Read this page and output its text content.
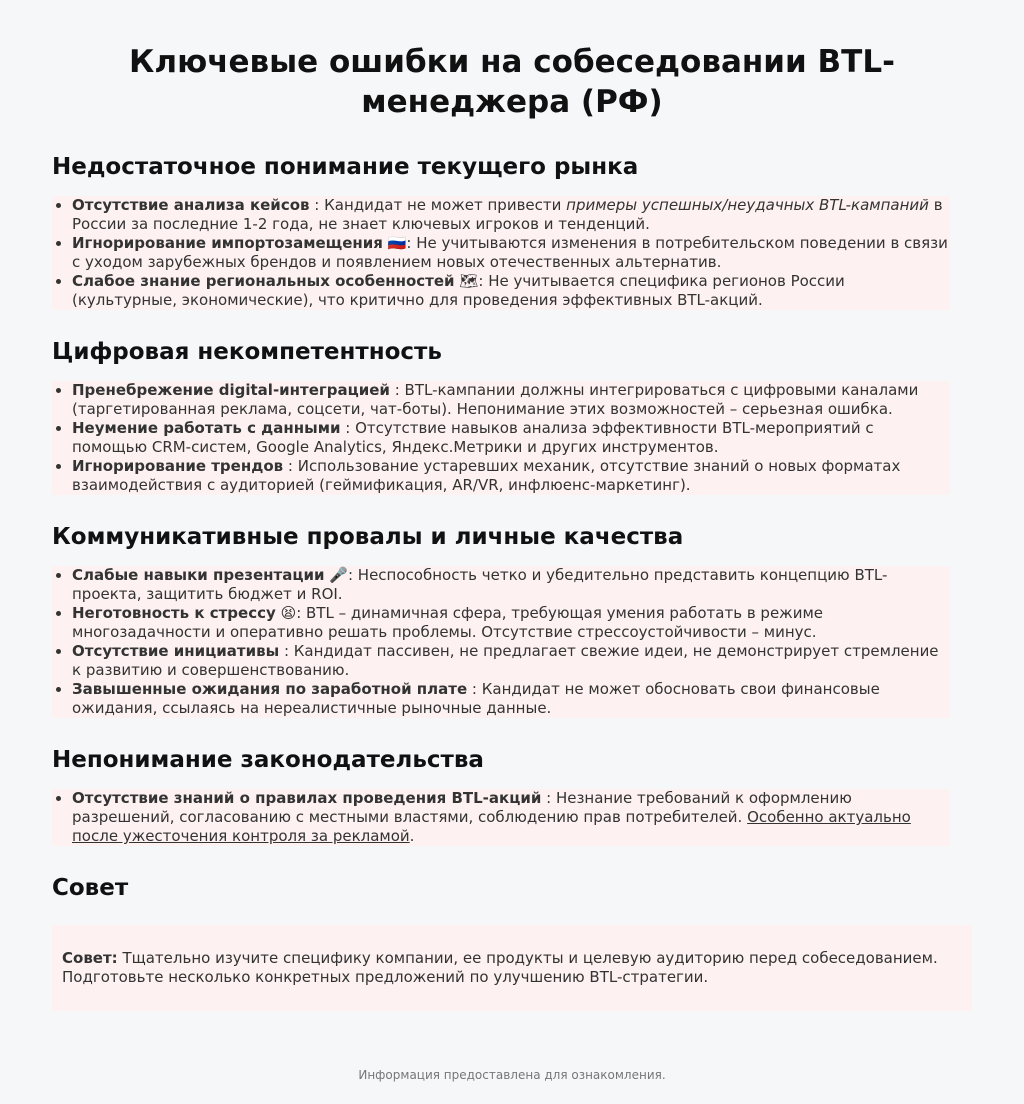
Ключевые ошибки на собеседовании BTL-менеджера (РФ)
Недостаточное понимание текущего рынка
• Отсутствие анализа кейсов : Кандидат не может привести примеры успешных/неудачных BTL-кампаний в России за последние 1-2 года, не знает ключевых игроков и тенденций.
• Игнорирование импортозамещения 🇷🇺: Не учитываются изменения в потребительском поведении в связи с уходом зарубежных брендов и появлением новых отечественных альтернатив.
• Слабое знание региональных особенностей 🗺: Не учитывается специфика регионов России (культурные, экономические), что критично для проведения эффективных BTL-акций.
Цифровая некомпетентность
• Пренебрежение digital-интеграцией : BTL-кампании должны интегрироваться с цифровыми каналами (таргетированная реклама, соцсети, чат-боты). Непонимание этих возможностей – серьезная ошибка.
• Неумение работать с данными : Отсутствие навыков анализа эффективности BTL-мероприятий с помощью CRM-систем, Google Analytics, Яндекс.Метрики и других инструментов.
• Игнорирование трендов : Использование устаревших механик, отсутствие знаний о новых форматах взаимодействия с аудиторией (геймификация, AR/VR, инфлюенс-маркетинг).
Коммуникативные провалы и личные качества
• Слабые навыки презентации 🎤: Неспособность четко и убедительно представить концепцию BTL-проекта, защитить бюджет и ROI.
• Неготовность к стрессу 😫: BTL – динамичная сфера, требующая умения работать в режиме многозадачности и оперативно решать проблемы. Отсутствие стрессоустойчивости – минус.
• Отсутствие инициативы : Кандидат пассивен, не предлагает свежие идеи, не демонстрирует стремление к развитию и совершенствованию.
• Завышенные ожидания по заработной плате : Кандидат не может обосновать свои финансовые ожидания, ссылаясь на нереалистичные рыночные данные.
Непонимание законодательства
• Отсутствие знаний о правилах проведения BTL-акций : Незнание требований к оформлению разрешений, согласованию с местными властями, соблюдению прав потребителей. Особенно актуально после ужесточения контроля за рекламой.
Совет
Совет: Тщательно изучите специфику компании, ее продукты и целевую аудиторию перед собеседованием. Подготовьте несколько конкретных предложений по улучшению BTL-стратегии.
Информация предоставлена для ознакомления.
